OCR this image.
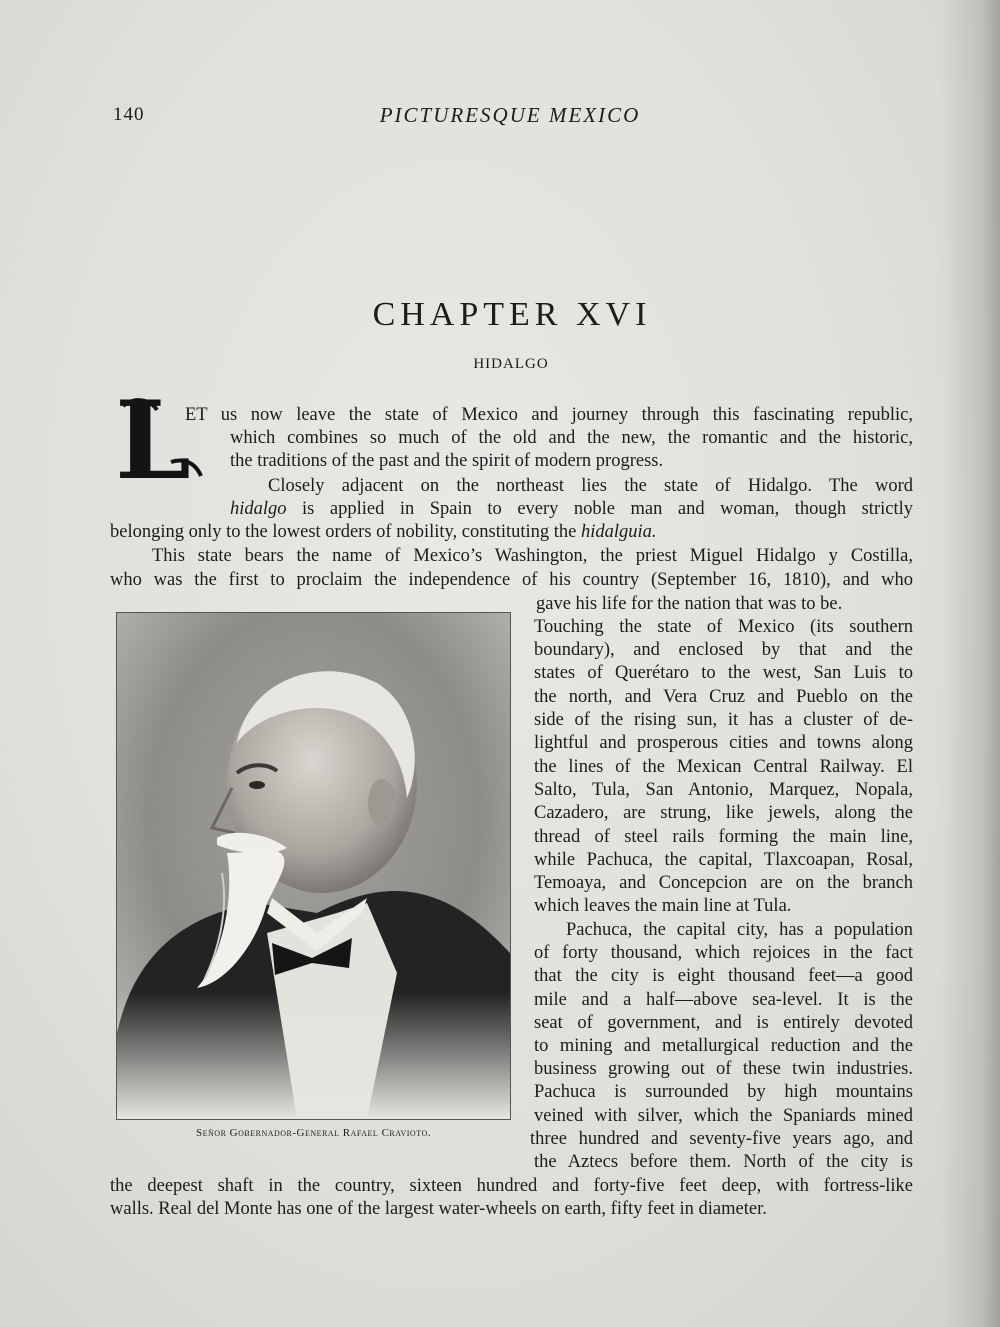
140	PICTURESQUE MEXICO
CHAPTER XVI
HIDALGO
L
ET us now leave the state of Mexico and journey through this fascinating republic,
which combines so much of the old and the new, the romantic and the historic,
the traditions of the past and the spirit of modern progress.
Closely adjacent on the northeast lies the state of Hidalgo. The word
hidalgo is applied in Spain to every noble man and woman, though strictly
belonging only to the lowest orders of nobility, constituting the hidalguia.
This state bears the name of Mexico’s Washington, the priest Miguel Hidalgo y Costilla,
who was the first to proclaim the independence of his country (September 16, 1810), and who
gave his life for the nation that was to be.
Touching the state of Mexico (its southern
boundary), and enclosed by that and the
states of Querétaro to the west, San Luis to
the north, and Vera Cruz and Pueblo on the
side of the rising sun, it has a cluster of de-
lightful and prosperous cities and towns along
the lines of the Mexican Central Railway. El
Salto, Tula, San Antonio, Marquez, Nopala,
Cazadero, are strung, like jewels, along the
thread of steel rails forming the main line,
while Pachuca, the capital, Tlaxcoapan, Rosal,
Temoaya, and Concepcion are on the branch
which leaves the main line at Tula.
Pachuca, the capital city, has a population
of forty thousand, which rejoices in the fact
that the city is eight thousand feet—a good
mile and a half—above sea-level. It is the
seat of government, and is entirely devoted
to mining and metallurgical reduction and the
business growing out of these twin industries.
Pachuca is surrounded by high mountains
veined with silver, which the Spaniards mined
three hundred and seventy-five years ago, and
the Aztecs before them. North of the city is
the deepest shaft in the country, sixteen hundred and forty-five feet deep, with fortress-like
walls. Real del Monte has one of the largest water-wheels on earth, fifty feet in diameter.
Señor Gobernador-General Rafael Cravioto.
